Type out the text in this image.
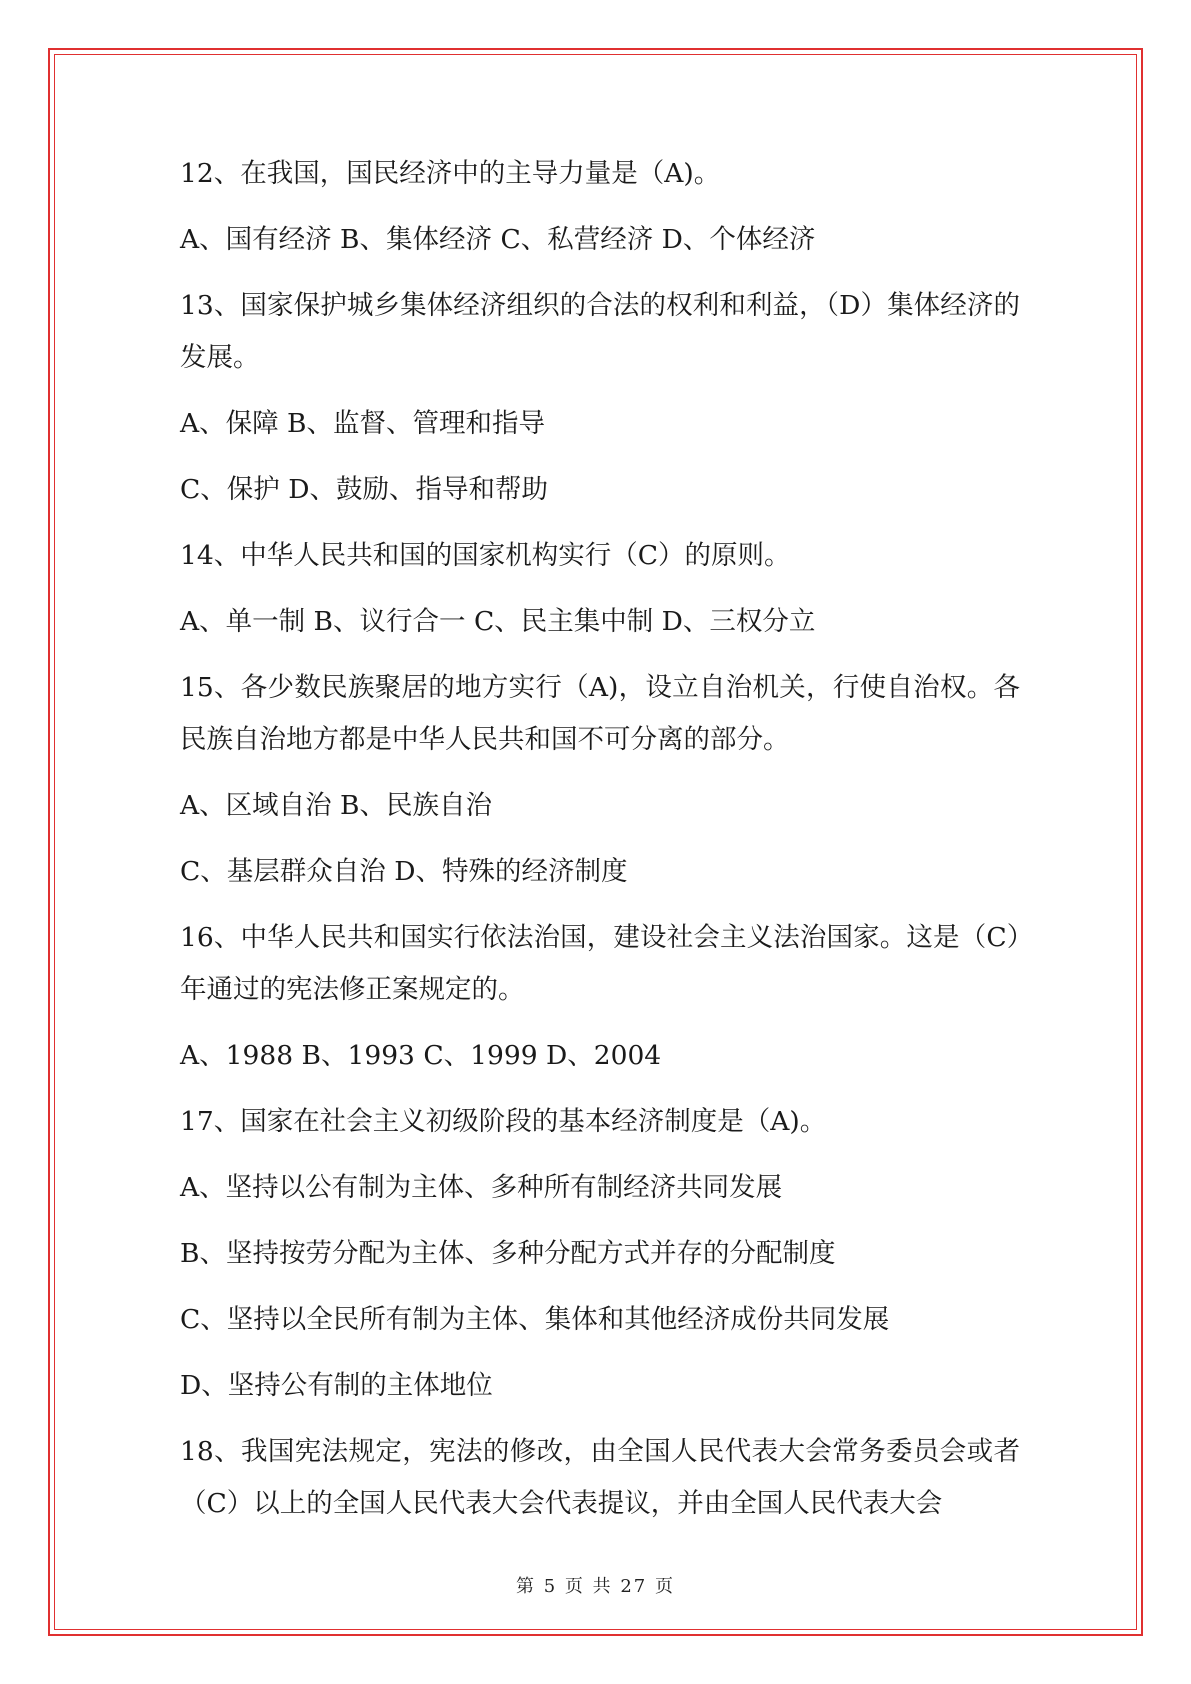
12、在我国，国民经济中的主导力量是（A)。

A、国有经济 B、集体经济 C、私营经济 D、个体经济

13、国家保护城乡集体经济组织的合法的权利和利益，（D）集体经济的发展。

A、保障 B、监督、管理和指导

C、保护 D、鼓励、指导和帮助

14、中华人民共和国的国家机构实行（C）的原则。

A、单一制 B、议行合一 C、民主集中制 D、三权分立

15、各少数民族聚居的地方实行（A)，设立自治机关，行使自治权。各民族自治地方都是中华人民共和国不可分离的部分。

A、区域自治 B、民族自治

C、基层群众自治 D、特殊的经济制度

16、中华人民共和国实行依法治国，建设社会主义法治国家。这是（C）年通过的宪法修正案规定的。

A、1988 B、1993 C、1999 D、2004

17、国家在社会主义初级阶段的基本经济制度是（A)。

A、坚持以公有制为主体、多种所有制经济共同发展

B、坚持按劳分配为主体、多种分配方式并存的分配制度

C、坚持以全民所有制为主体、集体和其他经济成份共同发展

D、坚持公有制的主体地位

18、我国宪法规定，宪法的修改，由全国人民代表大会常务委员会或者（C）以上的全国人民代表大会代表提议，并由全国人民代表大会

第 5 页 共 27 页
